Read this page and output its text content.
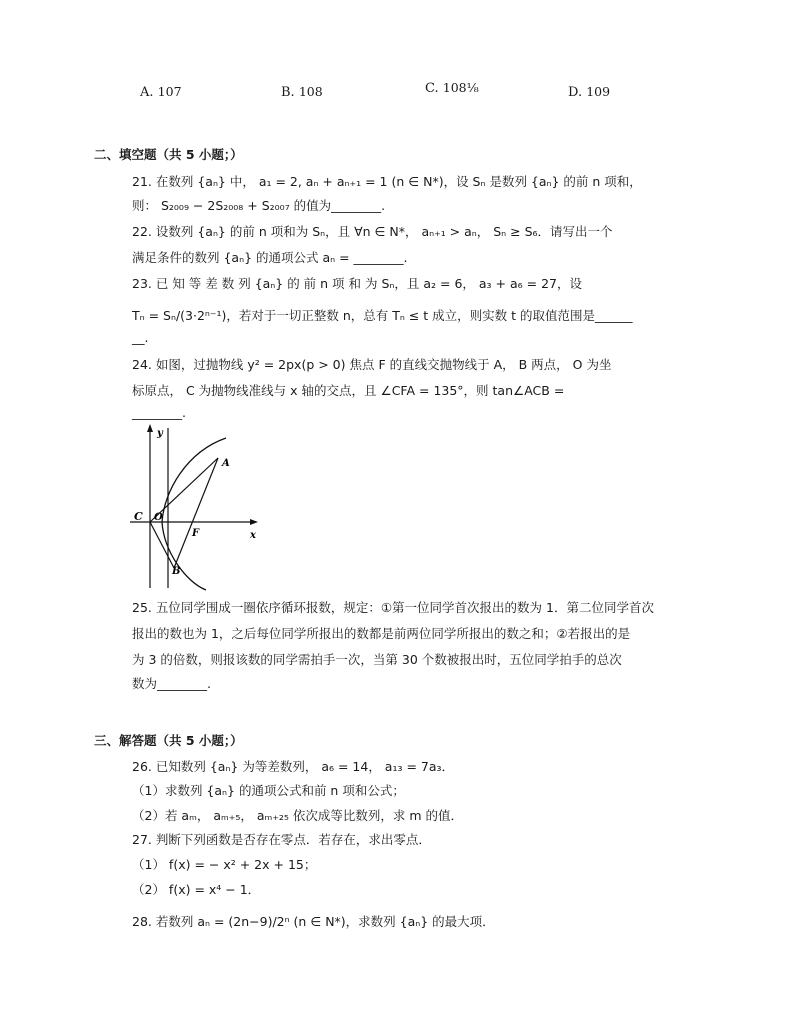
A. 107	B. 108	C. 108⅛	D. 109
二、填空题（共 5 小题；）
21. 在数列 {aₙ} 中， a₁ = 2, aₙ + aₙ₊₁ = 1 (n ∈ N*)，设 Sₙ 是数列 {aₙ} 的前 n 项和，
则： S₂₀₀₉ − 2S₂₀₀₈ + S₂₀₀₇ 的值为________.
22. 设数列 {aₙ} 的前 n 项和为 Sₙ，且 ∀n ∈ N*， aₙ₊₁ > aₙ， Sₙ ≥ S₆．请写出一个
满足条件的数列 {aₙ} 的通项公式 aₙ = ________.
23. 已 知 等 差 数 列 {aₙ} 的 前 n 项 和 为 Sₙ，且 a₂ = 6， a₃ + a₆ = 27，设
Tₙ = Sₙ/(3·2ⁿ⁻¹)，若对于一切正整数 n，总有 Tₙ ≤ t 成立，则实数 t 的取值范围是______
__.
24. 如图，过抛物线 y² = 2px(p > 0) 焦点 F 的直线交抛物线于 A， B 两点， O 为坐
标原点， C 为抛物线准线与 x 轴的交点，且 ∠CFA = 135°，则 tan∠ACB =
________.
y
x
A
C O
F
B
25. 五位同学围成一圈依序循环报数，规定：①第一位同学首次报出的数为 1．第二位同学首次
报出的数也为 1，之后每位同学所报出的数都是前两位同学所报出的数之和；②若报出的是
为 3 的倍数，则报该数的同学需拍手一次，当第 30 个数被报出时，五位同学拍手的总次
数为________.
三、解答题（共 5 小题；）
26. 已知数列 {aₙ} 为等差数列， a₆ = 14， a₁₃ = 7a₃．
（1）求数列 {aₙ} 的通项公式和前 n 项和公式；
（2）若 aₘ， aₘ₊₅， aₘ₊₂₅ 依次成等比数列，求 m 的值．
27. 判断下列函数是否存在零点．若存在，求出零点．
（1） f(x) = − x² + 2x + 15；
（2） f(x) = x⁴ − 1．
28. 若数列 aₙ = (2n−9)/2ⁿ (n ∈ N*)，求数列 {aₙ} 的最大项．
